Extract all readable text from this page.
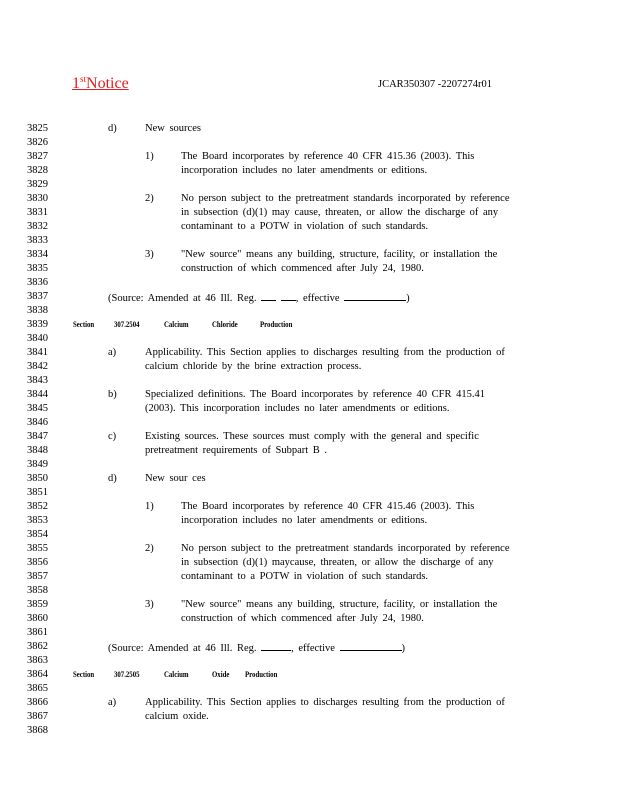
1stNotice	JCAR350307 -2207274r01
3825
3826
3827
3828
3829
3830
3831
3832
3833
3834
3835
3836
3837
3838
3839
3840
3841
3842
3843
3844
3845
3846
3847
3848
3849
3850
3851
3852
3853
3854
3855
3856
3857
3858
3859
3860
3861
3862
3863
3864
3865
3866
3867
3868
d)	New sources
1)	The Board incorporates by reference 40 CFR 415.36 (2003). This
incorporation includes no later amendments or editions.
2)	No person subject to the pretreatment standards incorporated by reference
in subsection (d)(1) may cause, threaten, or allow the discharge of any
contaminant to a POTW in violation of such standards.
3)	"New source" means any building, structure, facility, or installation the
construction of which commenced after July 24, 1980.
(Source: Amended at 46 Ill. Reg.	, effective	)
Section 307.2504	Calcium	Chloride	Production
a)	Applicability. This Section applies to discharges resulting from the production of
calcium chloride by the brine extraction process.
b)	Specialized definitions. The Board incorporates by reference 40 CFR 415.41
(2003). This incorporation includes no later amendments or editions.
c)	Existing sources. These sources must comply with the general and specific
pretreatment requirements of Subpart B .
d)	New sour ces
1)	The Board incorporates by reference 40 CFR 415.46 (2003). This
incorporation includes no later amendments or editions.
2)	No person subject to the pretreatment standards incorporated by reference
in subsection (d)(1) maycause, threaten, or allow the discharge of any
contaminant to a POTW in violation of such standards.
3)	"New source" means any building, structure, facility, or installation the
construction of which commenced after July 24, 1980.
(Source: Amended at 46 Ill. Reg.	, effective	)
Section 307.2505	Calcium	Oxide Production
a)	Applicability. This Section applies to discharges resulting from the production of
calcium oxide.
